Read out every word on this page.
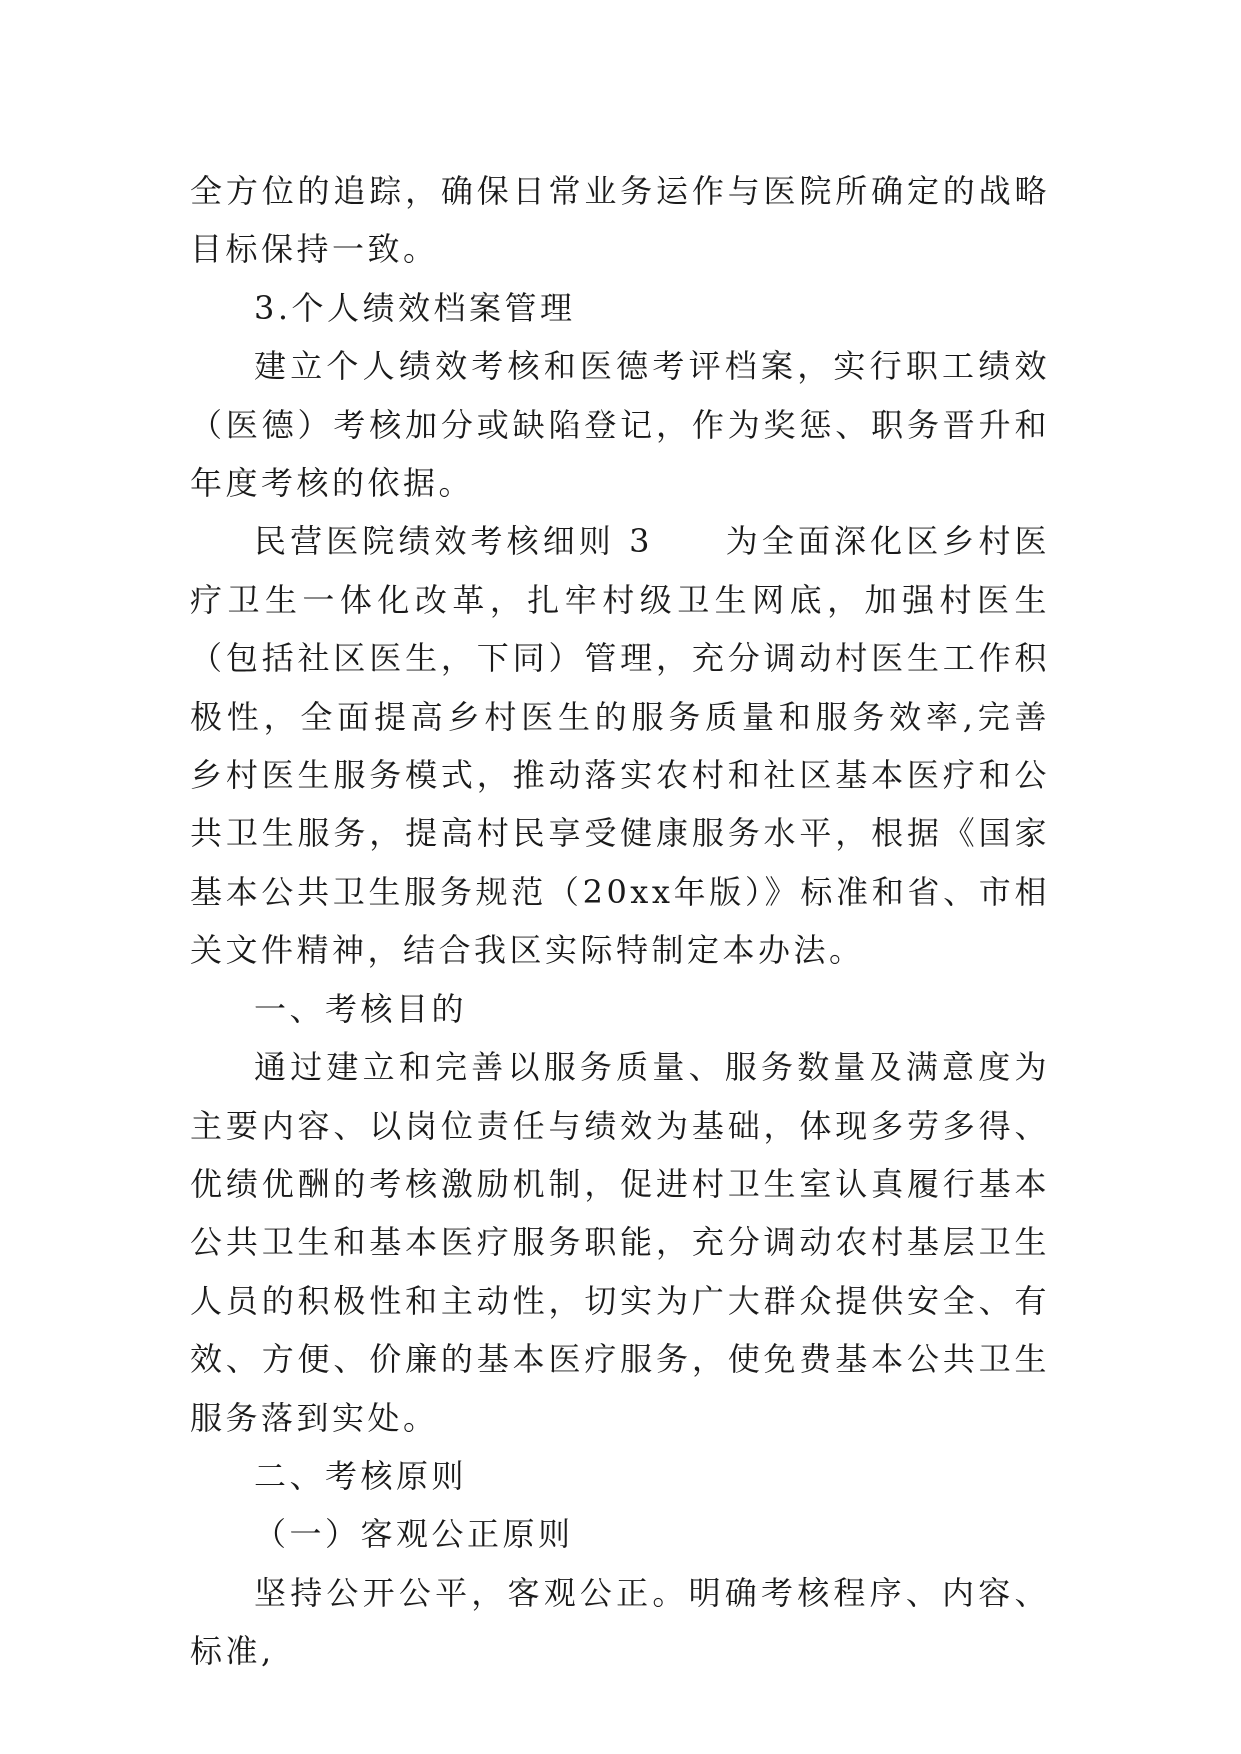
全方位的追踪，确保日常业务运作与医院所确定的战略目标保持一致。

3.个人绩效档案管理

建立个人绩效考核和医德考评档案，实行职工绩效（医德）考核加分或缺陷登记，作为奖惩、职务晋升和年度考核的依据。

民营医院绩效考核细则 3　　为全面深化区乡村医疗卫生一体化改革，扎牢村级卫生网底，加强村医生（包括社区医生，下同）管理，充分调动村医生工作积极性，全面提高乡村医生的服务质量和服务效率,完善乡村医生服务模式，推动落实农村和社区基本医疗和公共卫生服务，提高村民享受健康服务水平，根据《国家基本公共卫生服务规范（20xx年版）》标准和省、市相关文件精神，结合我区实际特制定本办法。

一、考核目的

通过建立和完善以服务质量、服务数量及满意度为主要内容、以岗位责任与绩效为基础，体现多劳多得、优绩优酬的考核激励机制，促进村卫生室认真履行基本公共卫生和基本医疗服务职能，充分调动农村基层卫生人员的积极性和主动性，切实为广大群众提供安全、有效、方便、价廉的基本医疗服务，使免费基本公共卫生服务落到实处。

二、考核原则

（一）客观公正原则

坚持公开公平，客观公正。明确考核程序、内容、标准,
